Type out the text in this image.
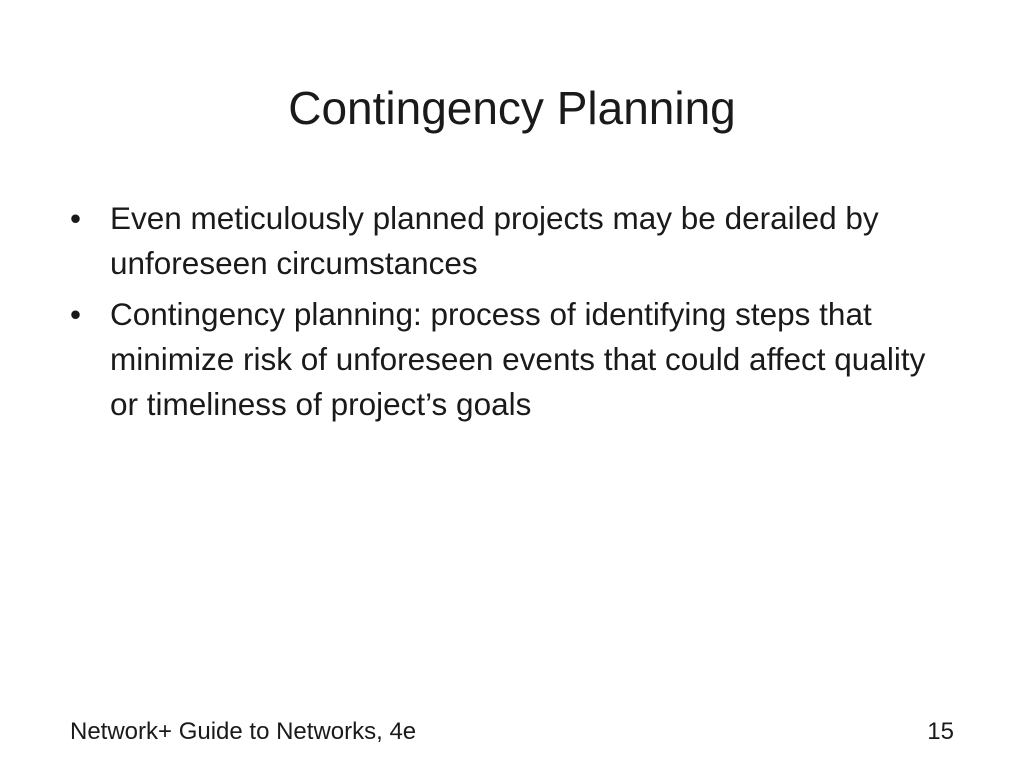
Contingency Planning
• Even meticulously planned projects may be derailed by unforeseen circumstances
• Contingency planning: process of identifying steps that minimize risk of unforeseen events that could affect quality or timeliness of project’s goals
Network+ Guide to Networks, 4e	15
